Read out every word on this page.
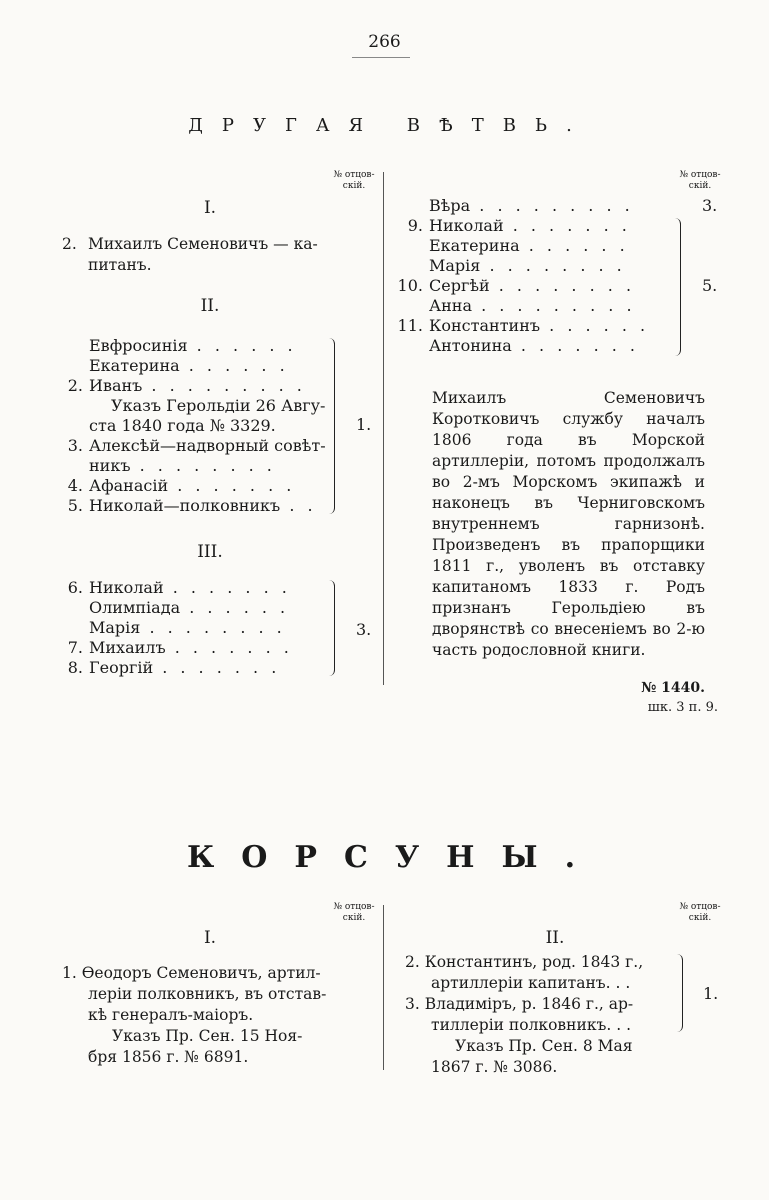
266
ДРУГАЯ ВѢТВЬ.
№ отцов-скій.
№ отцов-скій.
I.
2. Михаилъ Семеновичъ — ка-
питанъ.
II.
Евфросинія . . . . . .
Екатерина . . . . . .
2. Иванъ . . . . . . . . .
Указъ Герольдіи 26 Авгу-
ста 1840 года № 3329.
3. Алексѣй—надворный совѣт-
никъ . . . . . . . .
4. Афанасій . . . . . . .
5. Николай—полковникъ . .
1.
III.
6. Николай . . . . . . .
Олимпіада . . . . . .
Марія . . . . . . . .
7. Михаилъ . . . . . . .
8. Георгій . . . . . . .
3.
Вѣра . . . . . . . . .
9. Николай . . . . . . .
Екатерина . . . . . .
Марія . . . . . . . .
10. Сергѣй . . . . . . . .
Анна . . . . . . . . .
11. Константинъ . . . . . .
Антонина . . . . . . .
3.
5.
Михаилъ Семеновичъ Коротковичъ службу началъ 1806 года въ Морской артиллеріи, потомъ продолжалъ во 2-мъ Морскомъ экипажѣ и наконецъ въ Черниговскомъ внутреннемъ гарнизонѣ. Произведенъ въ прапорщики 1811 г., уволенъ въ отставку капитаномъ 1833 г. Родъ признанъ Герольдіею въ дворянствѣ со внесеніемъ во 2-ю часть родословной книги.
№ 1440.
шк. 3 п. 9.
КОРСУНЫ.
№ отцов-скій.
№ отцов-скій.
I.
1. Ѳеодоръ Семеновичъ, артил-
леріи полковникъ, въ отстав-
кѣ генералъ-маіоръ.
Указъ Пр. Сен. 15 Ноя-
бря 1856 г. № 6891.
II.
2. Константинъ, род. 1843 г.,
артиллеріи капитанъ. . .
3. Владиміръ, р. 1846 г., ар-
тиллеріи полковникъ. . .
Указъ Пр. Сен. 8 Мая
1867 г. № 3086.
1.
